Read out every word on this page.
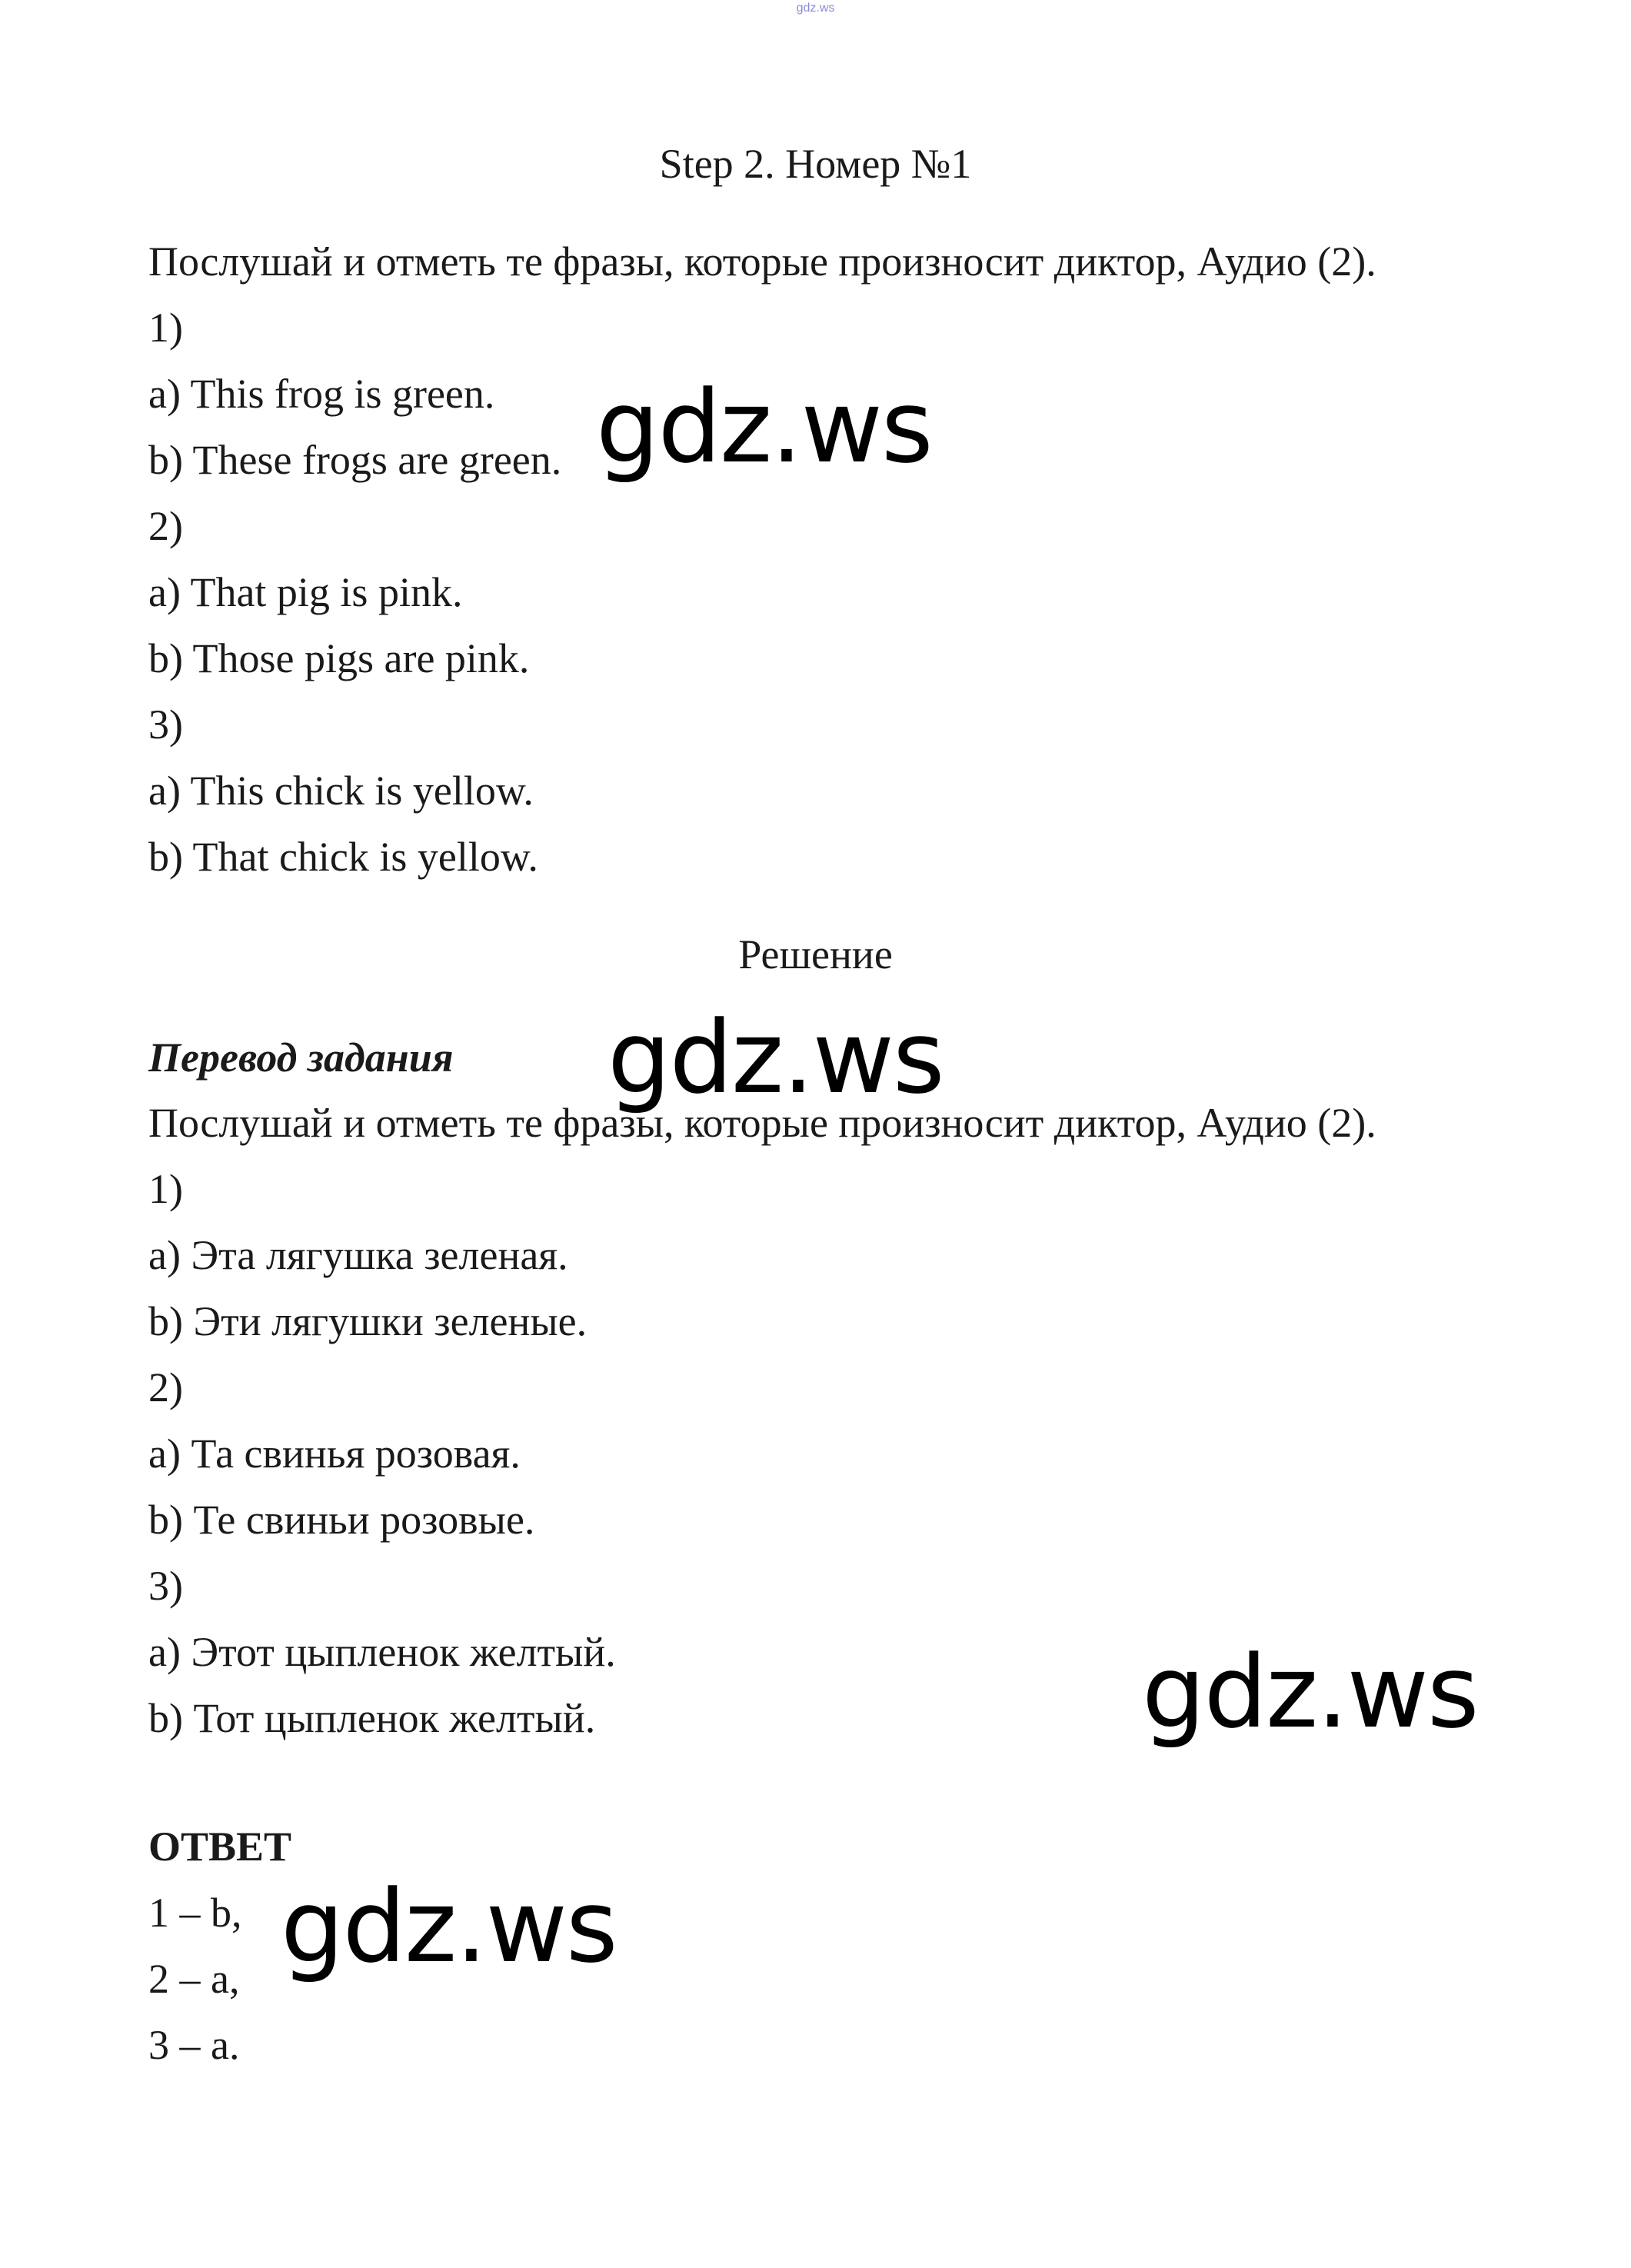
gdz.ws
Step 2. Номер №1
Послушай и отметь те фразы, которые произносит диктор, Аудио (2).
1)
a) This frog is green.
b) These frogs are green.
2)
a) That pig is pink.
b) Those pigs are pink.
3)
a) This chick is yellow.
b) That chick is yellow.
Решение
Перевод задания
Послушай и отметь те фразы, которые произносит диктор, Аудио (2).
1)
a) Эта лягушка зеленая.
b) Эти лягушки зеленые.
2)
a) Та свинья розовая.
b) Те свиньи розовые.
3)
a) Этот цыпленок желтый.
b) Тот цыпленок желтый.
ОТВЕТ
1 – b,
2 – a,
3 – a.
gdz.ws
gdz.ws
gdz.ws
gdz.ws
